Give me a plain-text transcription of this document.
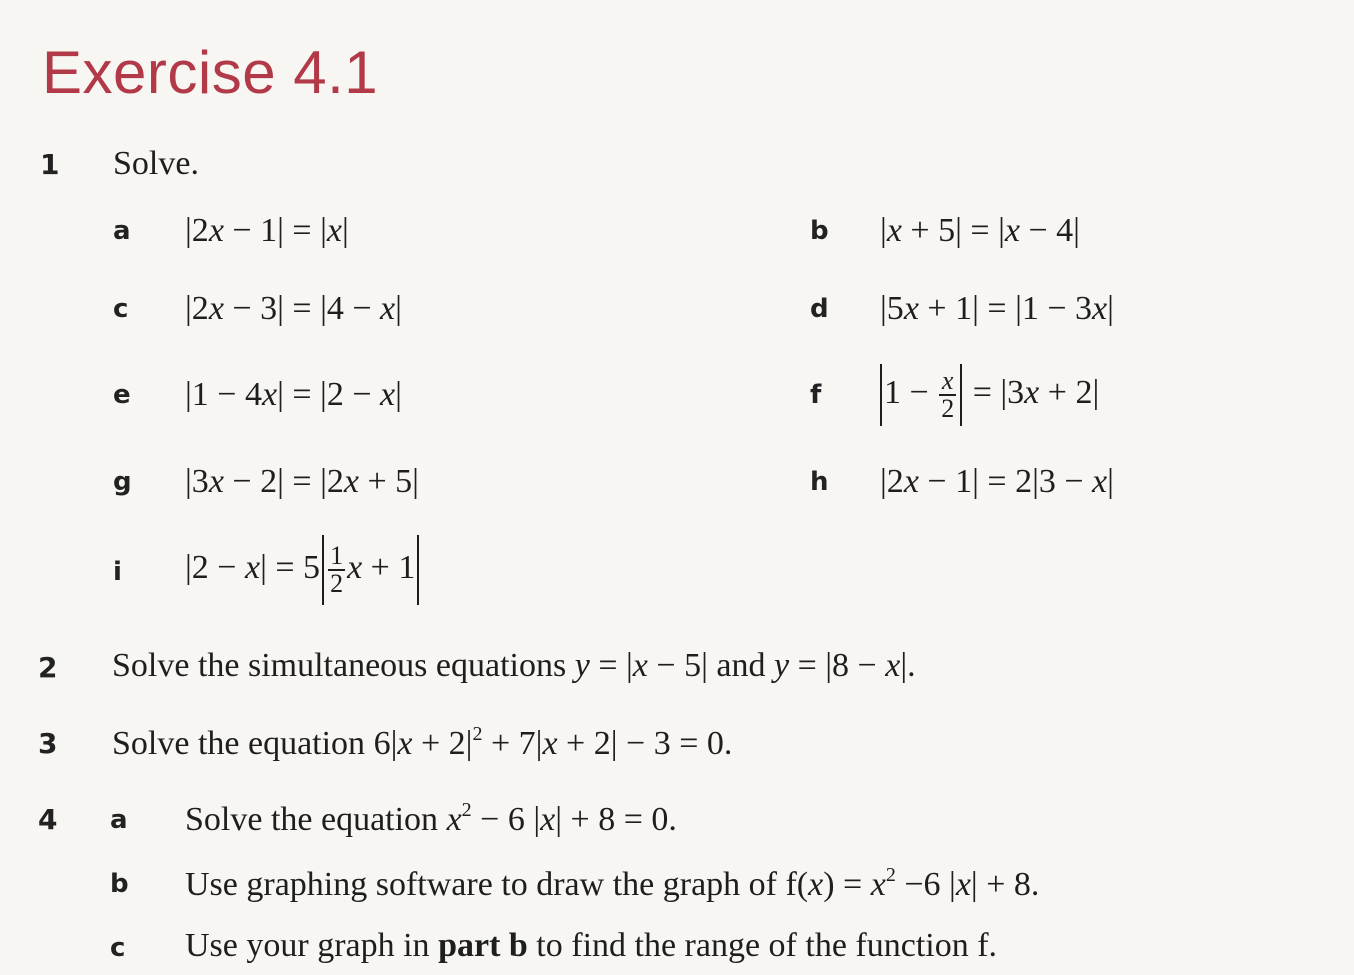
Exercise 4.1
1 Solve.
a |2x − 1| = |x|	b |x + 5| = |x − 4|
c |2x − 3| = |4 − x|	d |5x + 1| = |1 − 3x|
e |1 − 4x| = |2 − x|	f $1 - \frac{x}{2} = |3x + 2|$
g |3x − 2| = |2x + 5|	h |2x − 1| = 2|3 − x|
i $|2 - x| = 5 \frac{1}{2}$ x + 1
2 Solve the simultaneous equations y = |x − 5| and y = |8 − x|.
3 Solve the equation $6|x + 2|^2 + 7|x + 2| - 3 = 0$.
4 a Solve the equation $x^2 - 6$ |x| + 8 = 0.
b Use graphing software to draw the graph of $f(x) = x^2 -6$ |x| + 8.
c Use your graph in part b to find the range of the function f.
